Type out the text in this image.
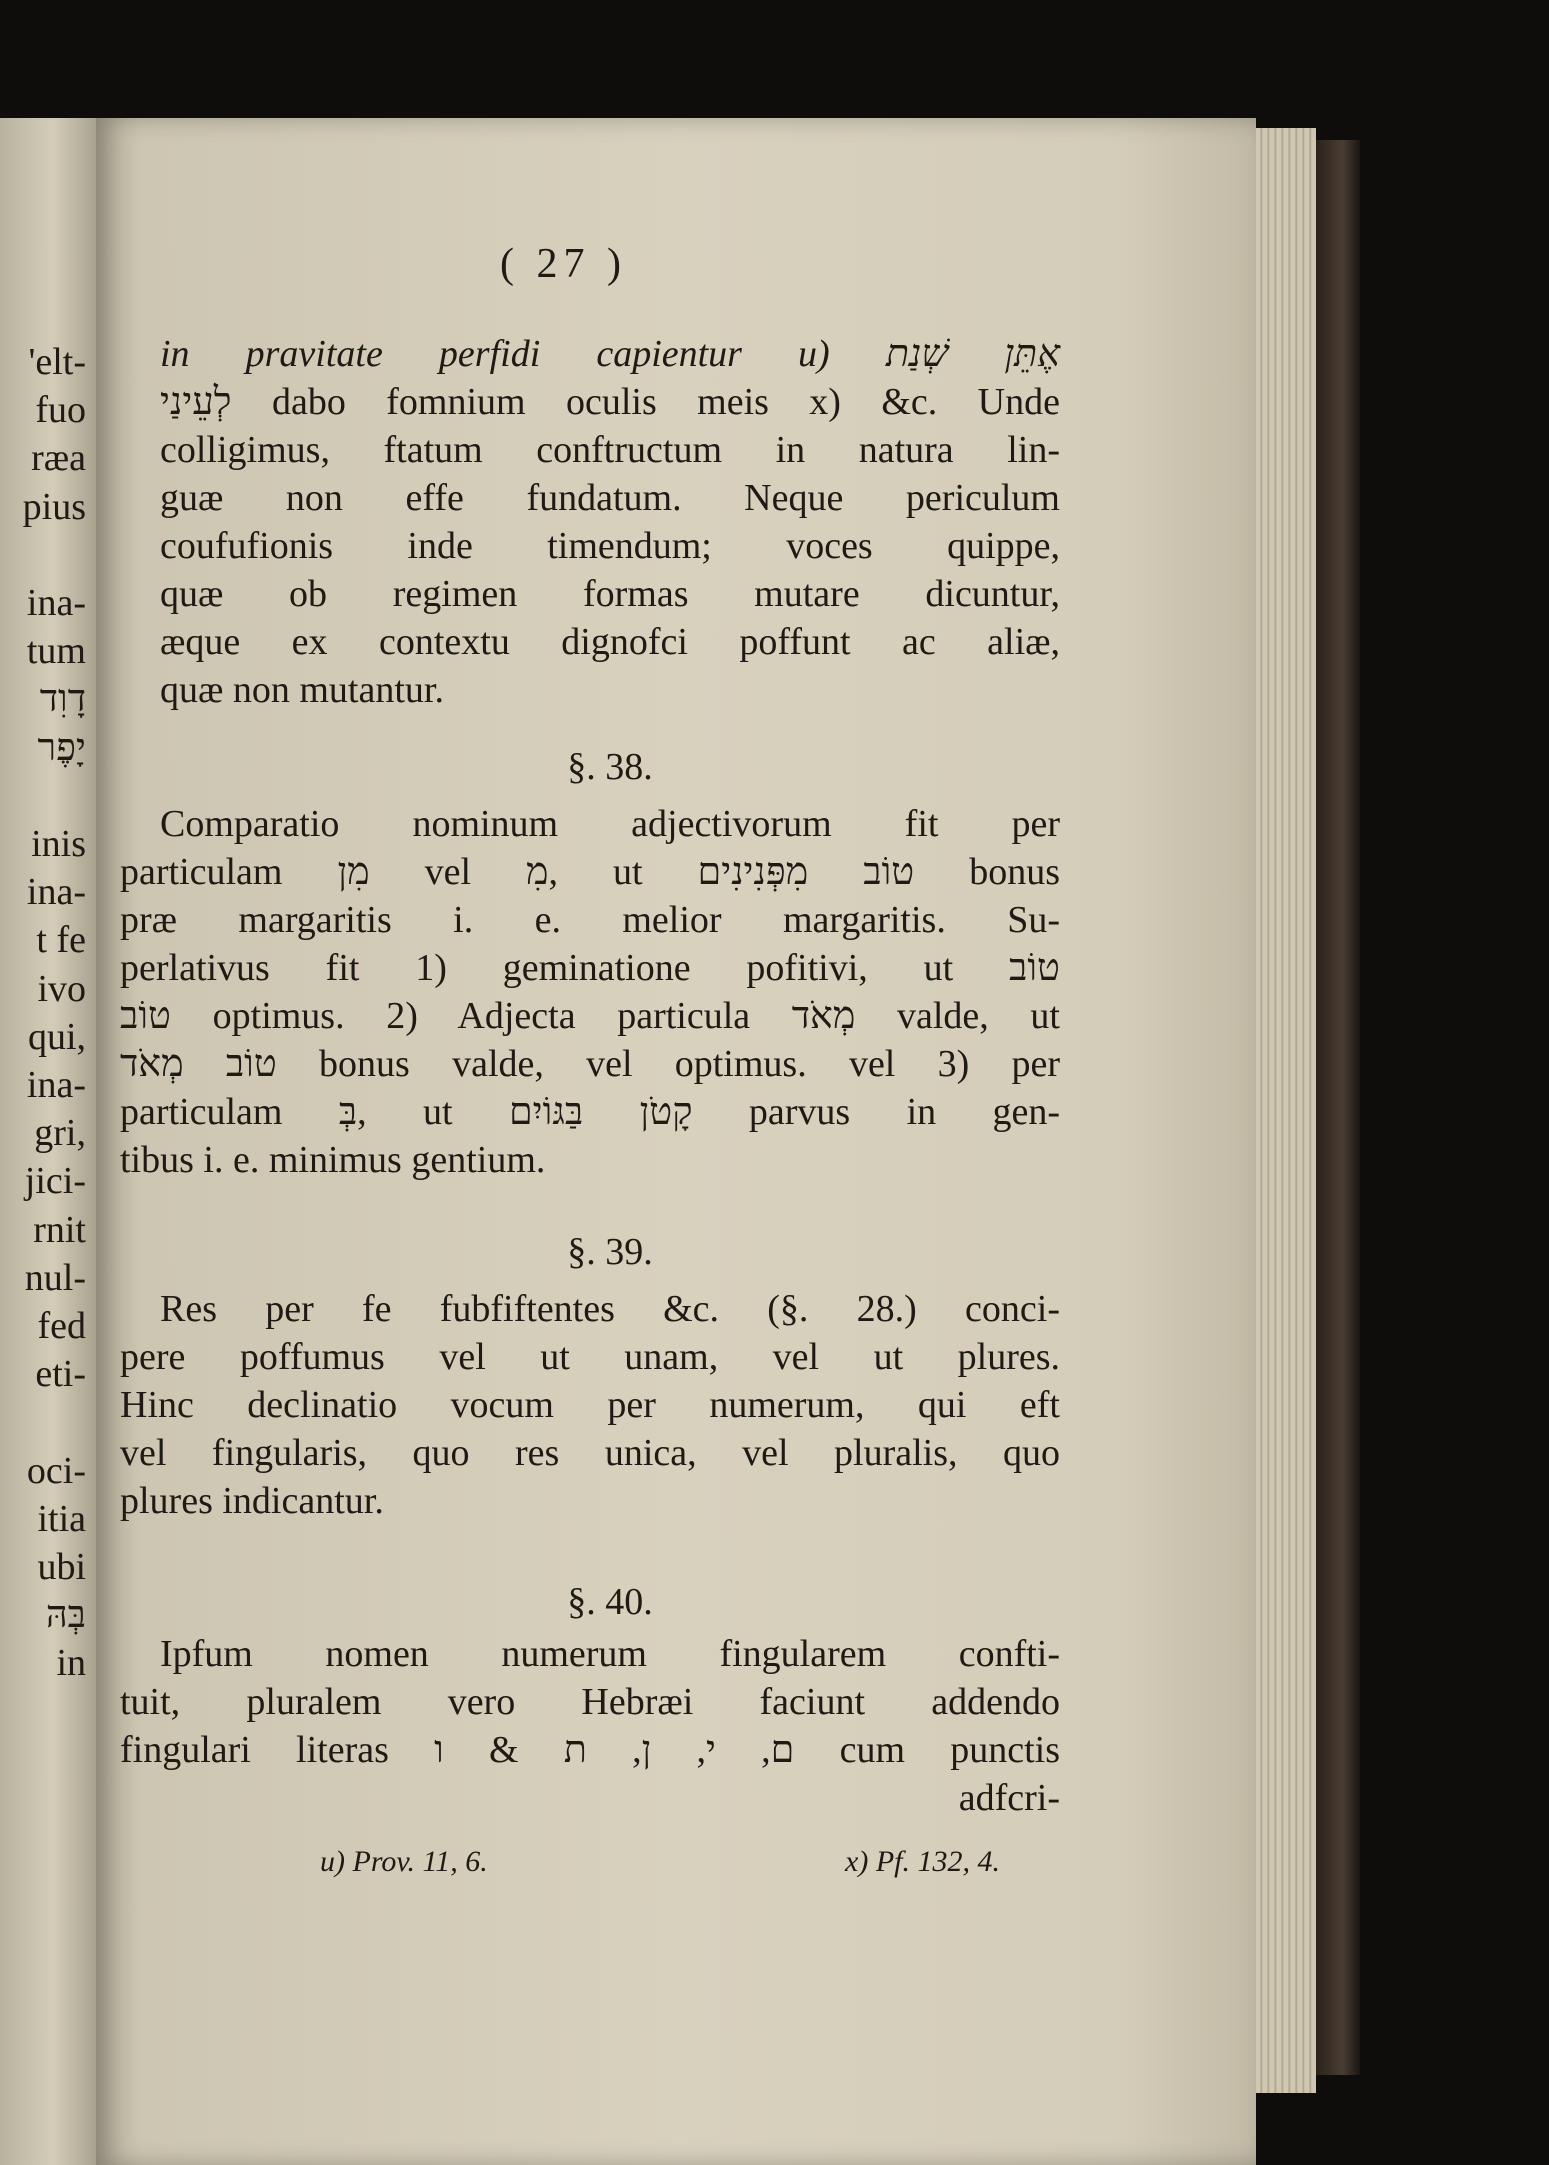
'elt-
fuo
ræa
pius

ina-
tum
דָוִד
יָפֶר

inis
ina-
t fe
ivo
qui,
ina-
gri,
jici-
rnit
nul-
fed
eti-

oci-
itia
ubi
בְּהּ
in
( 27 )
in pravitate perfidi capientur u) אֶתֵּן שְׁנַת
לְעֵינַי dabo fomnium oculis meis x) &c. Unde
colligimus, ftatum conftructum in natura lin-
guæ non effe fundatum. Neque periculum
coufufionis inde timendum; voces quippe,
quæ ob regimen formas mutare dicuntur,
æque ex contextu dignofci poffunt ac aliæ,
quæ non mutantur.
§. 38.
Comparatio nominum adjectivorum fit per
particulam מִן vel מִ, ut טוֹב מִפְּנִינִים bonus
præ margaritis i. e. melior margaritis. Su-
perlativus fit 1) geminatione pofitivi, ut טוֹב
טוֹב optimus. 2) Adjecta particula מְאֹד valde, ut
טוֹב מְאֹד bonus valde, vel optimus. vel 3) per
particulam בְּ, ut קָטֹן בַּגּוֹיִם parvus in gen-
tibus i. e. minimus gentium.
§. 39.
Res per fe fubfiftentes &c. (§. 28.) conci-
pere poffumus vel ut unam, vel ut plures.
Hinc declinatio vocum per numerum, qui eft
vel fingularis, quo res unica, vel pluralis, quo
plures indicantur.
§. 40.
Ipfum nomen numerum fingularem confti-
tuit, pluralem vero Hebræi faciunt addendo
fingulari literas ם, י, ן, ת & ו cum punctis
adfcri-
u) Prov. 11, 6.	x) Pf. 132, 4.
